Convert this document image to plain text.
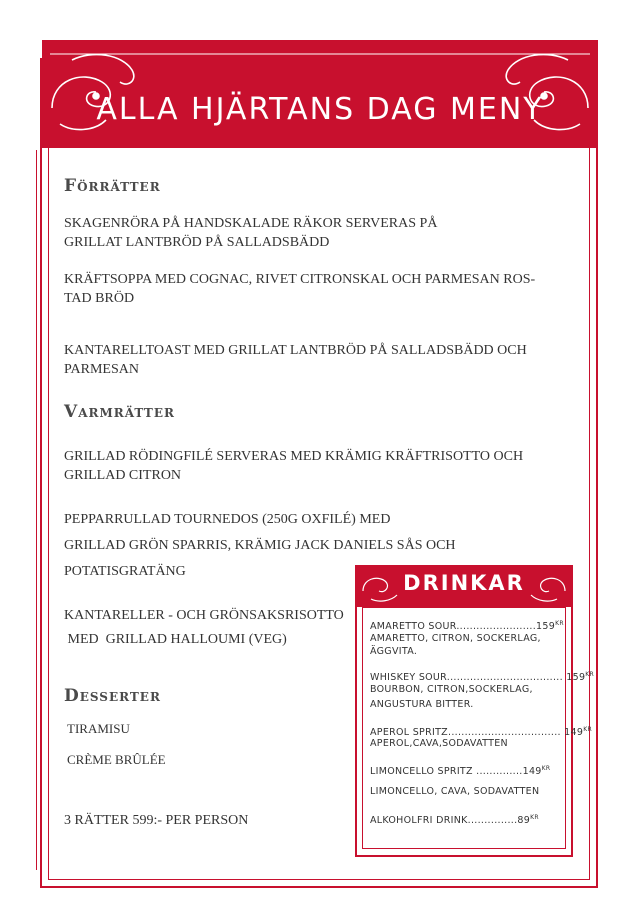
ALLA HJÄRTANS DAG MENY
Förrätter

SKAGENRÖRA PÅ HANDSKALADE RÄKOR SERVERAS PÅ
GRILLAT LANTBRÖD PÅ SALLADSBÄDD

KRÄFTSOPPA MED COGNAC, RIVET CITRONSKAL OCH PARMESAN ROS-
TAD BRÖD

KANTARELLTOAST MED GRILLAT LANTBRÖD PÅ SALLADSBÄDD OCH
PARMESAN

Varmrätter

GRILLAD RÖDINGFILÉ SERVERAS MED KRÄMIG KRÄFTRISOTTO OCH
GRILLAD CITRON

PEPPARRULLAD TOURNEDOS (250G OXFILÉ) MED

GRILLAD GRÖN SPARRIS, KRÄMIG JACK DANIELS SÅS OCH

POTATISGRATÄNG

KANTARELLER - OCH GRÖNSAKSRISOTTO

MED  GRILLAD HALLOUMI (VEG)

Desserter

TIRAMISU

CRÈME BRÛLÉE

3 RÄTTER 599:- PER PERSON

DRINKAR

AMARETTO $SOUR........................159^{KR}$

AMARETTO, CITRON, SOCKERLAG,

ÄGGVITA.

WHISKEY SOUR................................... $159^{KR}$

BOURBON, CITRON,SOCKERLAG,

ANGUSTURA BITTER.

APEROL SPRITZ.................................. $149^{KR}$

APEROL,CAVA,SODAVATTEN

LIMONCELLO SPRITZ $..............149^{KR}$

LIMONCELLO, CAVA, SODAVATTEN

ALKOHOLFRI $DRINK...............89^{KR}$
